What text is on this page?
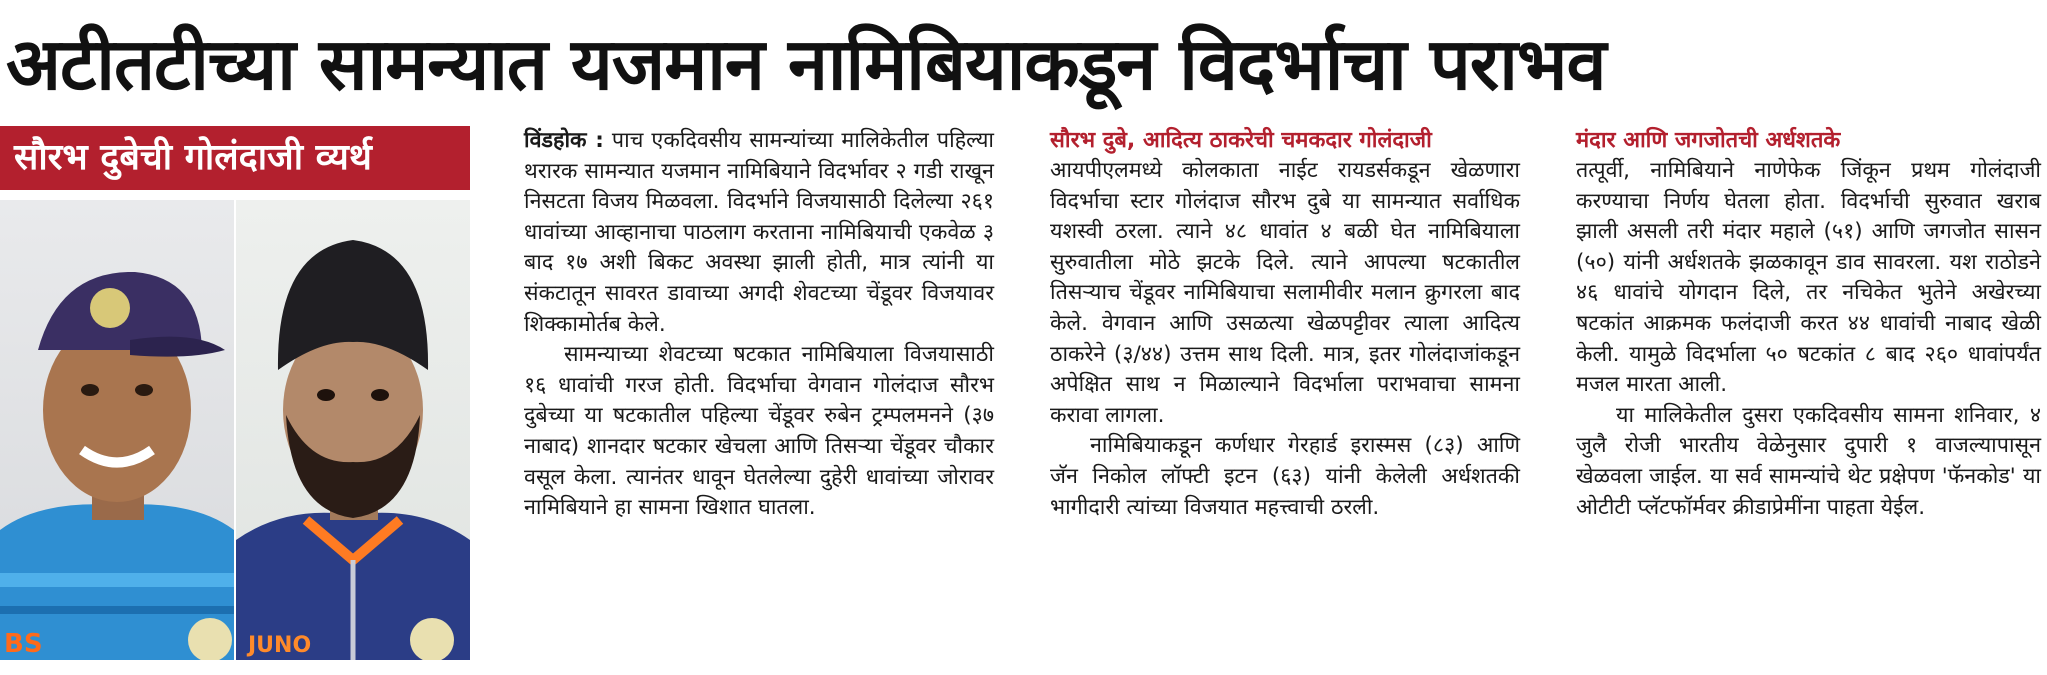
अटीतटीच्या सामन्यात यजमान नामिबियाकडून विदर्भाचा पराभव
सौरभ दुबेची गोलंदाजी व्यर्थ
BS	JUNO

विंडहोक : पाच एकदिवसीय सामन्यांच्या मालिकेतील पहिल्या थरारक सामन्यात यजमान नामिबियाने विदर्भावर २ गडी राखून निसटता विजय मिळवला. विदर्भाने विजयासाठी दिलेल्या २६१ धावांच्या आव्हानाचा पाठलाग करताना नामिबियाची एकवेळ ३ बाद १७ अशी बिकट अवस्था झाली होती, मात्र त्यांनी या संकटातून सावरत डावाच्या अगदी शेवटच्या चेंडूवर विजयावर शिक्कामोर्तब केले.

सामन्याच्या शेवटच्या षटकात नामिबियाला विजयासाठी १६ धावांची गरज होती. विदर्भाचा वेगवान गोलंदाज सौरभ दुबेच्या या षटकातील पहिल्या चेंडूवर रुबेन ट्रम्पलमनने (३७ नाबाद) शानदार षटकार खेचला आणि तिसऱ्या चेंडूवर चौकार वसूल केला. त्यानंतर धावून घेतलेल्या दुहेरी धावांच्या जोरावर नामिबियाने हा सामना खिशात घातला.

सौरभ दुबे, आदित्य ठाकरेची चमकदार गोलंदाजी

आयपीएलमध्ये कोलकाता नाईट रायडर्सकडून खेळणारा विदर्भाचा स्टार गोलंदाज सौरभ दुबे या सामन्यात सर्वाधिक यशस्वी ठरला. त्याने ४८ धावांत ४ बळी घेत नामिबियाला सुरुवातीला मोठे झटके दिले. त्याने आपल्या षटकातील तिसऱ्याच चेंडूवर नामिबियाचा सलामीवीर मलान क्रुगरला बाद केले. वेगवान आणि उसळत्या खेळपट्टीवर त्याला आदित्य ठाकरेने (३/४४) उत्तम साथ दिली. मात्र, इतर गोलंदाजांकडून अपेक्षित साथ न मिळाल्याने विदर्भाला पराभवाचा सामना करावा लागला.

नामिबियाकडून कर्णधार गेरहार्ड इरास्मस (८३) आणि जॅन निकोल लॉफ्टी इटन (६३) यांनी केलेली अर्धशतकी भागीदारी त्यांच्या विजयात महत्त्वाची ठरली.

मंदार आणि जगजोतची अर्धशतके

तत्पूर्वी, नामिबियाने नाणेफेक जिंकून प्रथम गोलंदाजी करण्याचा निर्णय घेतला होता. विदर्भाची सुरुवात खराब झाली असली तरी मंदार महाले (५१) आणि जगजोत सासन (५०) यांनी अर्धशतके झळकावून डाव सावरला. यश राठोडने ४६ धावांचे योगदान दिले, तर नचिकेत भुतेने अखेरच्या षटकांत आक्रमक फलंदाजी करत ४४ धावांची नाबाद खेळी केली. यामुळे विदर्भाला ५० षटकांत ८ बाद २६० धावांपर्यंत मजल मारता आली.

या मालिकेतील दुसरा एकदिवसीय सामना शनिवार, ४ जुलै रोजी भारतीय वेळेनुसार दुपारी १ वाजल्यापासून खेळवला जाईल. या सर्व सामन्यांचे थेट प्रक्षेपण 'फॅनकोड' या ओटीटी प्लॅटफॉर्मवर क्रीडाप्रेमींना पाहता येईल.
